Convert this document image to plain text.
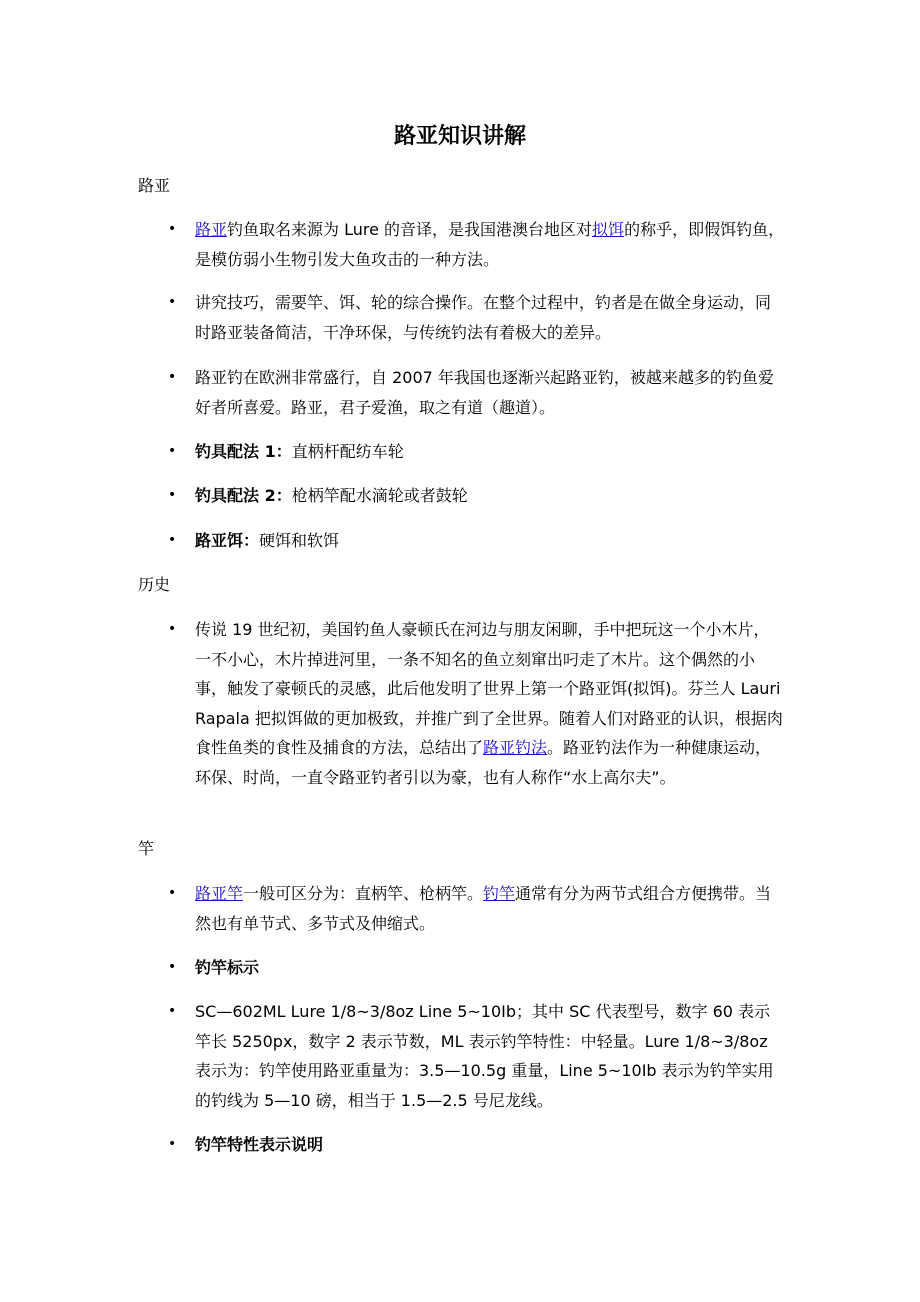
路亚知识讲解
路亚
• 路亚钓鱼取名来源为 Lure 的音译，是我国港澳台地区对拟饵的称乎，即假饵钓鱼，是模仿弱小生物引发大鱼攻击的一种方法。
• 讲究技巧，需要竿、饵、轮的综合操作。在整个过程中，钓者是在做全身运动，同时路亚装备简洁，干净环保，与传统钓法有着极大的差异。
• 路亚钓在欧洲非常盛行，自 2007 年我国也逐渐兴起路亚钓，被越来越多的钓鱼爱好者所喜爱。路亚，君子爱渔，取之有道（趣道）。
• 钓具配法 1：直柄杆配纺车轮
• 钓具配法 2：枪柄竿配水滴轮或者鼓轮
• 路亚饵：硬饵和软饵
历史
• 传说 19 世纪初，美国钓鱼人豪顿氏在河边与朋友闲聊，手中把玩这一个小木片，一不小心，木片掉进河里，一条不知名的鱼立刻窜出叼走了木片。这个偶然的小事，触发了豪顿氏的灵感，此后他发明了世界上第一个路亚饵(拟饵)。芬兰人 Lauri Rapala 把拟饵做的更加极致，并推广到了全世界。随着人们对路亚的认识，根据肉食性鱼类的食性及捕食的方法，总结出了路亚钓法。路亚钓法作为一种健康运动，环保、时尚，一直令路亚钓者引以为豪，也有人称作“水上高尔夫”。
竿
• 路亚竿一般可区分为：直柄竿、枪柄竿。钓竿通常有分为两节式组合方便携带。当然也有单节式、多节式及伸缩式。
• 钓竿标示
• SC—602ML Lure 1/8~3/8oz Line 5~10Ib；其中 SC 代表型号，数字 60 表示竿长 5250px，数字 2 表示节数，ML 表示钓竿特性：中轻量。Lure 1/8~3/8oz 表示为：钓竿使用路亚重量为：3.5—10.5g 重量，Line 5~10Ib 表示为钓竿实用的钓线为 5—10 磅，相当于 1.5—2.5 号尼龙线。
• 钓竿特性表示说明
